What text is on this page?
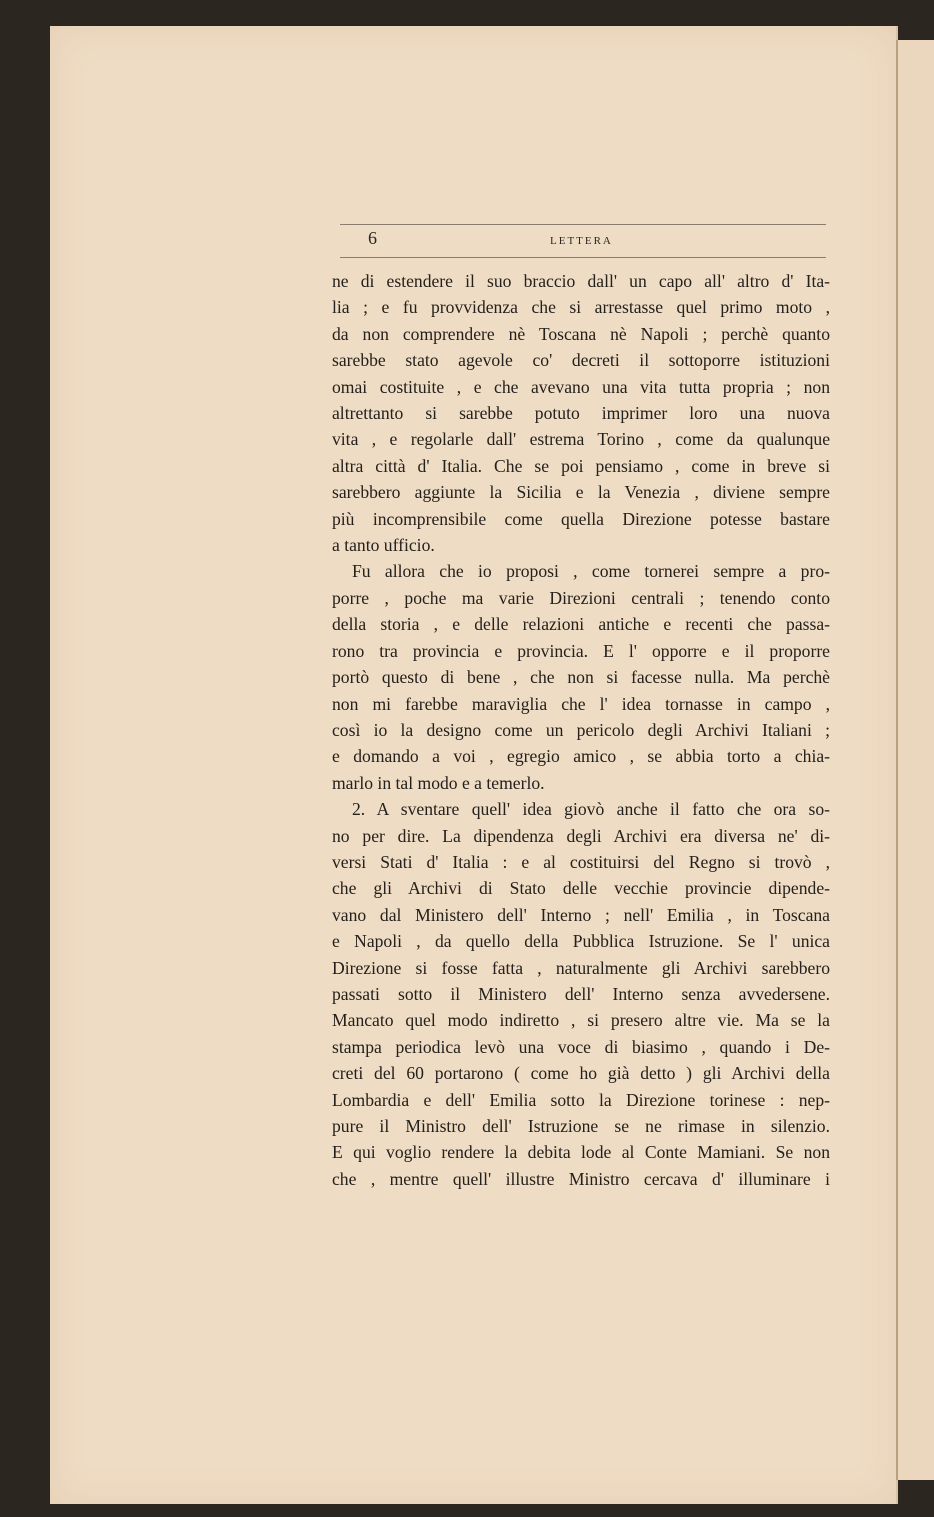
6	LETTERA
ne di estendere il suo braccio dall' un capo all' altro d' Ita-
lia ; e fu provvidenza che si arrestasse quel primo moto ,
da non comprendere nè Toscana nè Napoli ; perchè quanto
sarebbe stato agevole co' decreti il sottoporre istituzioni
omai costituite , e che avevano una vita tutta propria ; non
altrettanto si sarebbe potuto imprimer loro una nuova
vita , e regolarle dall' estrema Torino , come da qualunque
altra città d' Italia. Che se poi pensiamo , come in breve si
sarebbero aggiunte la Sicilia e la Venezia , diviene sempre
più incomprensibile come quella Direzione potesse bastare
a tanto ufficio.
Fu allora che io proposi , come tornerei sempre a pro-
porre , poche ma varie Direzioni centrali ; tenendo conto
della storia , e delle relazioni antiche e recenti che passa-
rono tra provincia e provincia. E l' opporre e il proporre
portò questo di bene , che non si facesse nulla. Ma perchè
non mi farebbe maraviglia che l' idea tornasse in campo ,
così io la designo come un pericolo degli Archivi Italiani ;
e domando a voi , egregio amico , se abbia torto a chia-
marlo in tal modo e a temerlo.
2. A sventare quell' idea giovò anche il fatto che ora so-
no per dire. La dipendenza degli Archivi era diversa ne' di-
versi Stati d' Italia : e al costituirsi del Regno si trovò ,
che gli Archivi di Stato delle vecchie provincie dipende-
vano dal Ministero dell' Interno ; nell' Emilia , in Toscana
e Napoli , da quello della Pubblica Istruzione. Se l' unica
Direzione si fosse fatta , naturalmente gli Archivi sarebbero
passati sotto il Ministero dell' Interno senza avvedersene.
Mancato quel modo indiretto , si presero altre vie. Ma se la
stampa periodica levò una voce di biasimo , quando i De-
creti del 60 portarono ( come ho già detto ) gli Archivi della
Lombardia e dell' Emilia sotto la Direzione torinese : nep-
pure il Ministro dell' Istruzione se ne rimase in silenzio.
E qui voglio rendere la debita lode al Conte Mamiani. Se non
che , mentre quell' illustre Ministro cercava d' illuminare i
